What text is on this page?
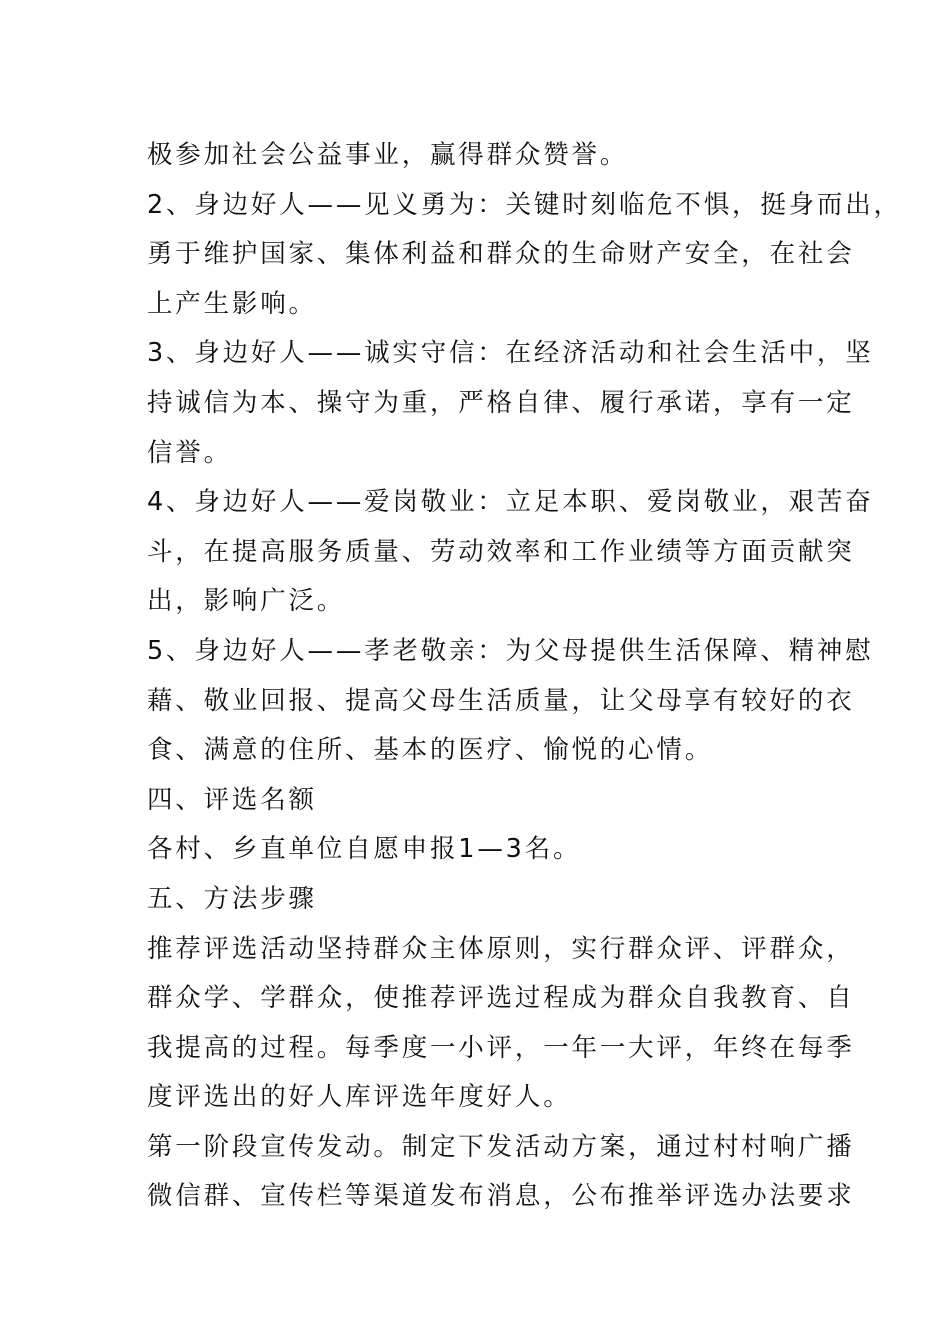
极参加社会公益事业，赢得群众赞誉。
2、身边好人——见义勇为：关键时刻临危不惧，挺身而出，
勇于维护国家、集体利益和群众的生命财产安全，在社会
上产生影响。
3、身边好人——诚实守信：在经济活动和社会生活中，坚
持诚信为本、操守为重，严格自律、履行承诺，享有一定
信誉。
4、身边好人——爱岗敬业：立足本职、爱岗敬业，艰苦奋
斗，在提高服务质量、劳动效率和工作业绩等方面贡献突
出，影响广泛。
5、身边好人——孝老敬亲：为父母提供生活保障、精神慰
藉、敬业回报、提高父母生活质量，让父母享有较好的衣
食、满意的住所、基本的医疗、愉悦的心情。
四、评选名额
各村、乡直单位自愿申报1—3名。
五、方法步骤
推荐评选活动坚持群众主体原则，实行群众评、评群众，
群众学、学群众，使推荐评选过程成为群众自我教育、自
我提高的过程。每季度一小评，一年一大评，年终在每季
度评选出的好人库评选年度好人。
第一阶段宣传发动。制定下发活动方案，通过村村响广播
微信群、宣传栏等渠道发布消息，公布推举评选办法要求
